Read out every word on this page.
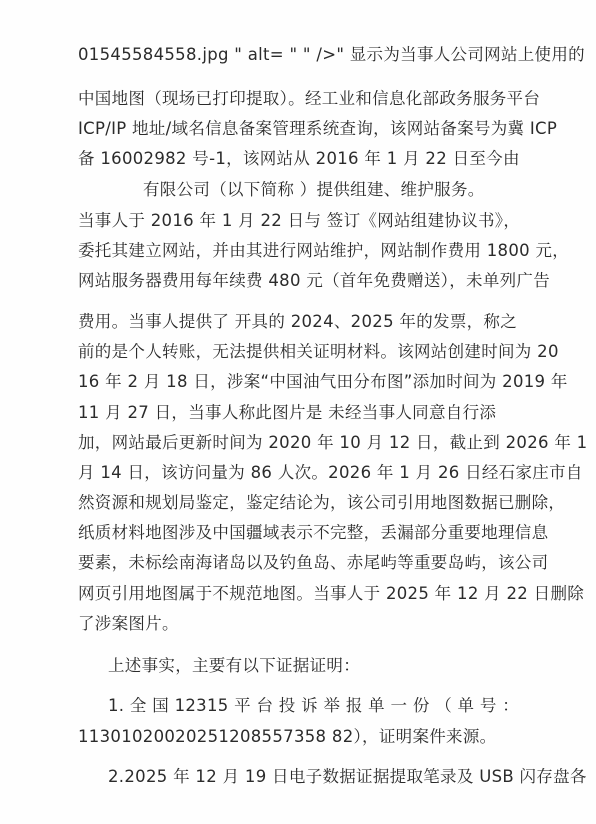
01545584558.jpg " alt= " " />" 显示为当事人公司网站上使用的
中国地图（现场已打印提取）。经工业和信息化部政务服务平台
ICP/IP 地址/域名信息备案管理系统查询，该网站备案号为冀 ICP
备 16002982 号-1，该网站从 2016 年 1 月 22 日至今由
有限公司（以下简称 ）提供组建、维护服务。
当事人于 2016 年 1 月 22 日与 签订《网站组建协议书》，
委托其建立网站，并由其进行网站维护，网站制作费用 1800 元，
网站服务器费用每年续费 480 元（首年免费赠送），未单列广告
费用。当事人提供了 开具的 2024、2025 年的发票，称之
前的是个人转账，无法提供相关证明材料。该网站创建时间为 20
16 年 2 月 18 日，涉案“中国油气田分布图”添加时间为 2019 年
11 月 27 日，当事人称此图片是 未经当事人同意自行添
加，网站最后更新时间为 2020 年 10 月 12 日，截止到 2026 年 1
月 14 日，该访问量为 86 人次。2026 年 1 月 26 日经石家庄市自
然资源和规划局鉴定，鉴定结论为，该公司引用地图数据已删除，
纸质材料地图涉及中国疆域表示不完整，丢漏部分重要地理信息
要素，未标绘南海诸岛以及钓鱼岛、赤尾屿等重要岛屿，该公司
网页引用地图属于不规范地图。当事人于 2025 年 12 月 22 日删除
了涉案图片。
上述事实，主要有以下证据证明：
1. 全 国 12315 平 台 投 诉 举 报 单 一 份 （ 单 号 ：
11301020020251208557358 82），证明案件来源。
2.2025 年 12 月 19 日电子数据证据提取笔录及 USB 闪存盘各
